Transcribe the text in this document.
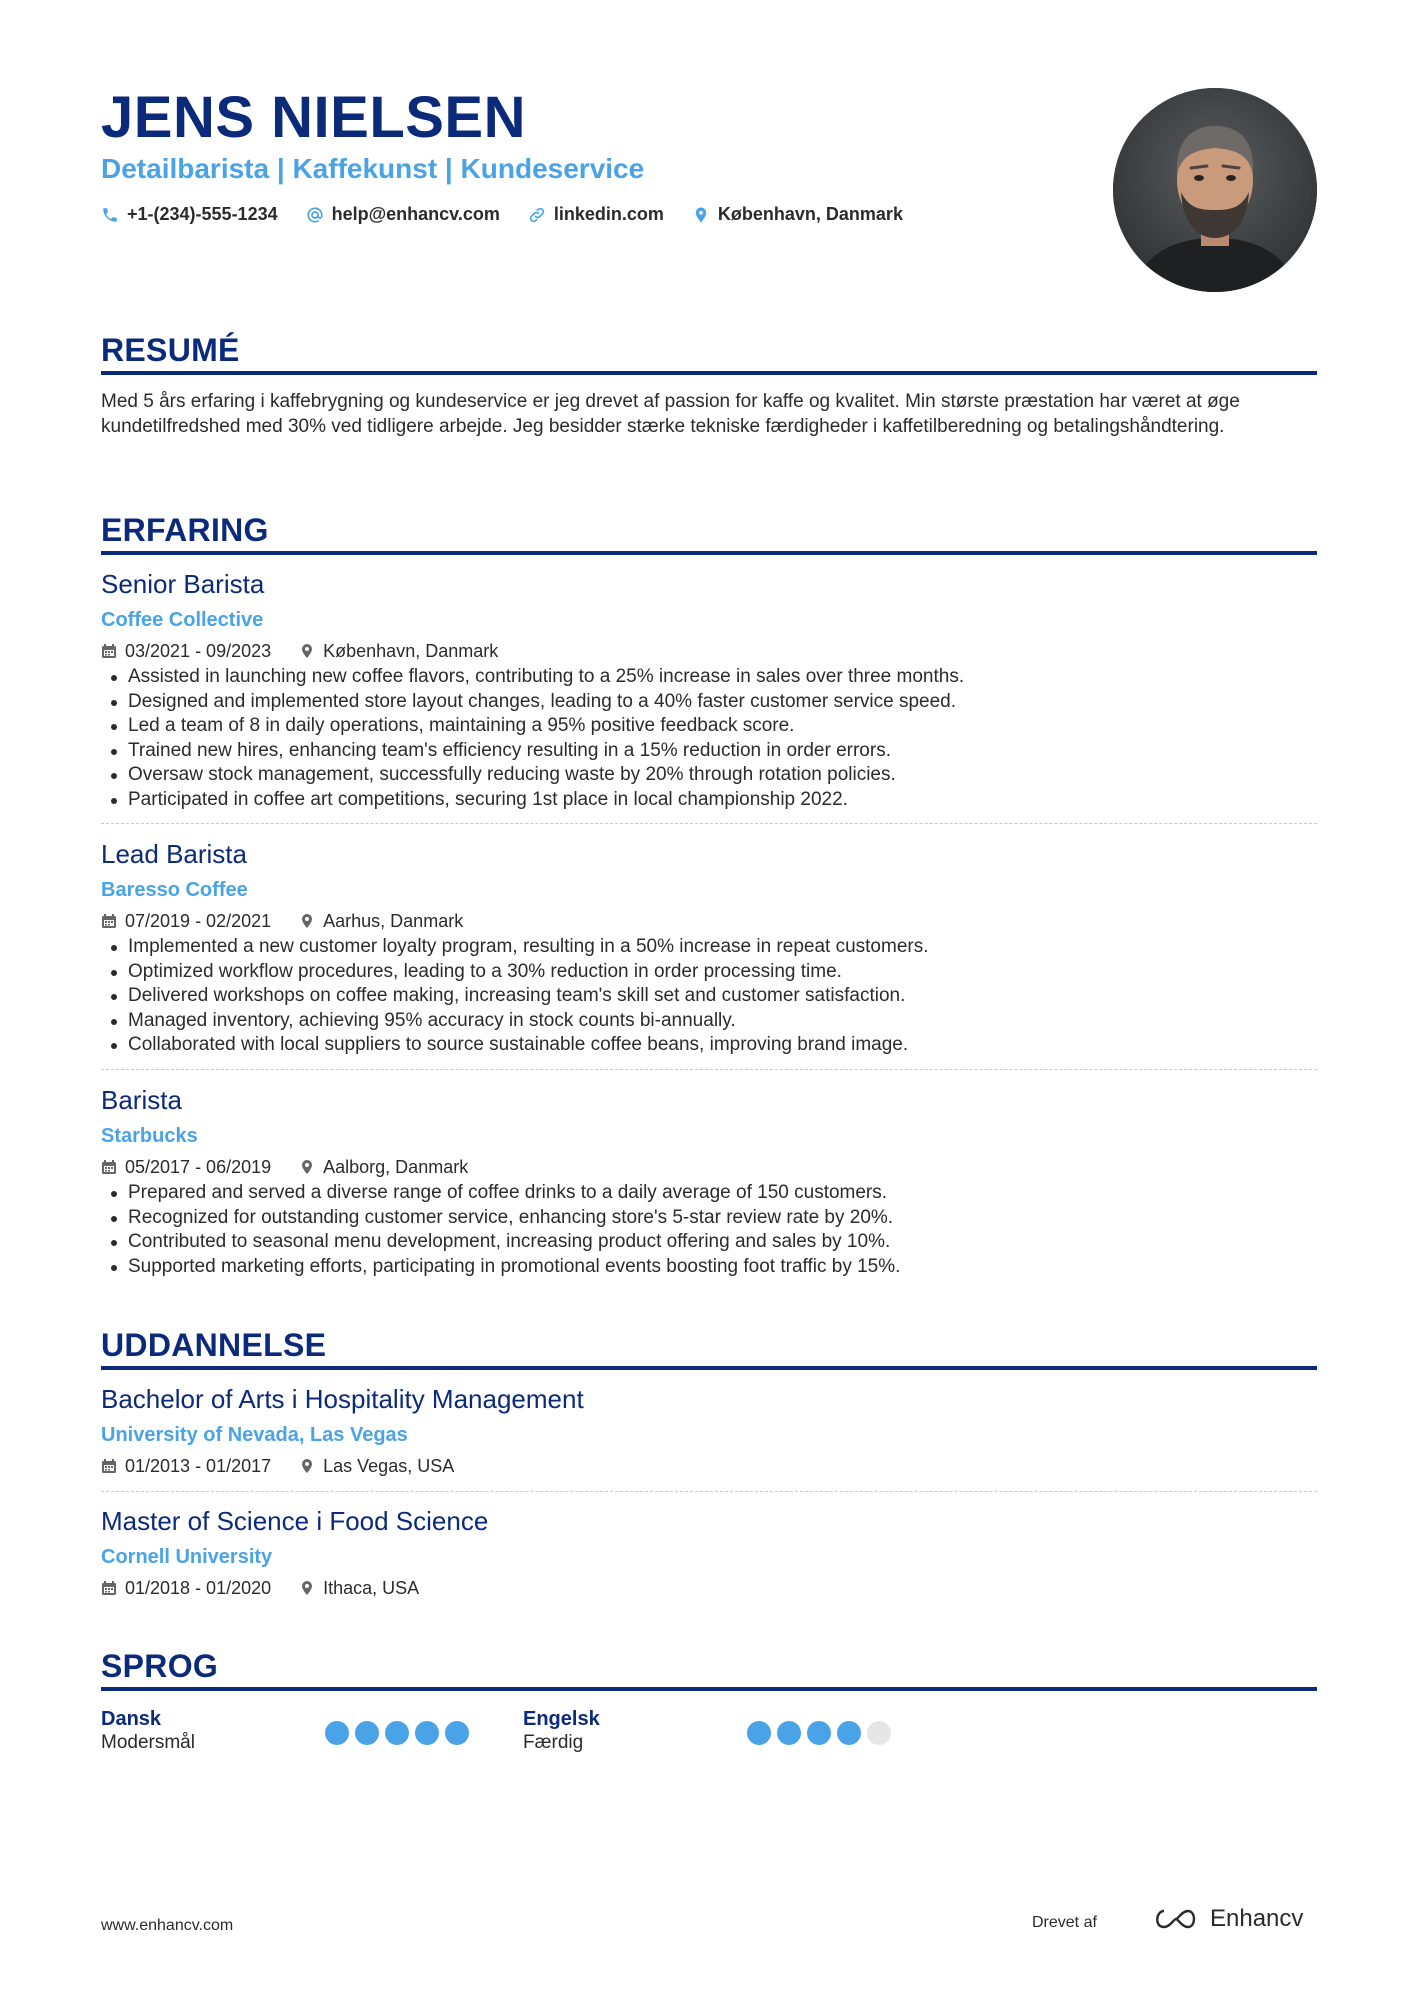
JENS NIELSEN
Detailbarista | Kaffekunst | Kundeservice
+1-(234)-555-1234	help@enhancv.com	linkedin.com	København, Danmark
RESUMÉ
Med 5 års erfaring i kaffebrygning og kundeservice er jeg drevet af passion for kaffe og kvalitet. Min største præstation har været at øge kundetilfredshed med 30% ved tidligere arbejde. Jeg besidder stærke tekniske færdigheder i kaffetilberedning og betalingshåndtering.
ERFARING
Senior Barista
Coffee Collective
03/2021 - 09/2023	København, Danmark
Assisted in launching new coffee flavors, contributing to a 25% increase in sales over three months.
Designed and implemented store layout changes, leading to a 40% faster customer service speed.
Led a team of 8 in daily operations, maintaining a 95% positive feedback score.
Trained new hires, enhancing team's efficiency resulting in a 15% reduction in order errors.
Oversaw stock management, successfully reducing waste by 20% through rotation policies.
Participated in coffee art competitions, securing 1st place in local championship 2022.
Lead Barista
Baresso Coffee
07/2019 - 02/2021	Aarhus, Danmark
Implemented a new customer loyalty program, resulting in a 50% increase in repeat customers.
Optimized workflow procedures, leading to a 30% reduction in order processing time.
Delivered workshops on coffee making, increasing team's skill set and customer satisfaction.
Managed inventory, achieving 95% accuracy in stock counts bi-annually.
Collaborated with local suppliers to source sustainable coffee beans, improving brand image.
Barista
Starbucks
05/2017 - 06/2019	Aalborg, Danmark
Prepared and served a diverse range of coffee drinks to a daily average of 150 customers.
Recognized for outstanding customer service, enhancing store's 5-star review rate by 20%.
Contributed to seasonal menu development, increasing product offering and sales by 10%.
Supported marketing efforts, participating in promotional events boosting foot traffic by 15%.
UDDANNELSE
Bachelor of Arts i Hospitality Management
University of Nevada, Las Vegas
01/2013 - 01/2017	Las Vegas, USA
Master of Science i Food Science
Cornell University
01/2018 - 01/2020	Ithaca, USA
SPROG
Dansk
Modersmål
Engelsk
Færdig
www.enhancv.com	Drevet af	Enhancv
